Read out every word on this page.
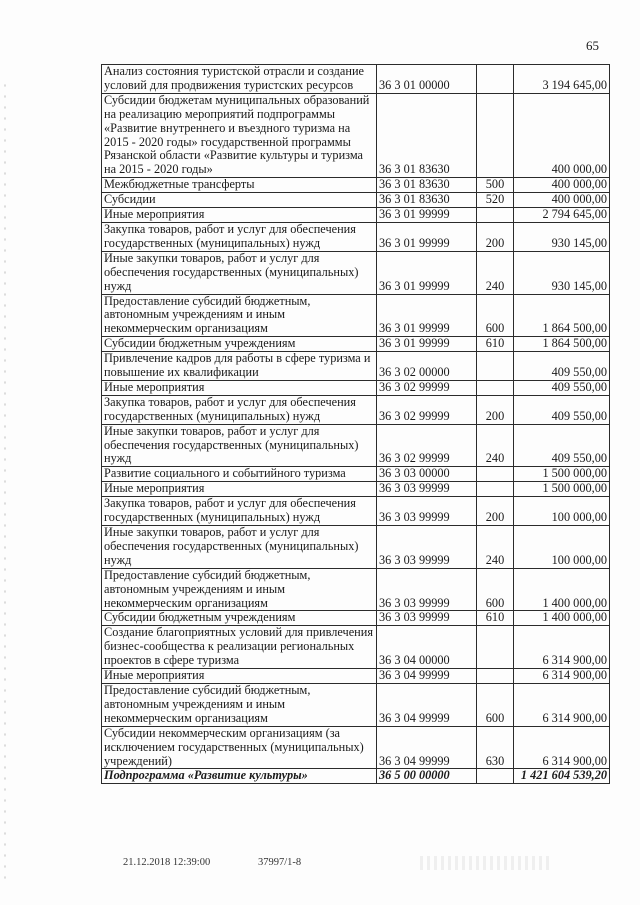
65
Анализ состояния туристской отрасли и создание условий для продвижения туристских ресурсов	36 3 01 00000		3 194 645,00
Субсидии бюджетам муниципальных образований на реализацию мероприятий подпрограммы «Развитие внутреннего и въездного туризма на 2015 - 2020 годы» государственной программы Рязанской области «Развитие культуры и туризма на 2015 - 2020 годы»	36 3 01 83630		400 000,00
Межбюджетные трансферты	36 3 01 83630	500	400 000,00
Субсидии	36 3 01 83630	520	400 000,00
Иные мероприятия	36 3 01 99999		2 794 645,00
Закупка товаров, работ и услуг для обеспечения государственных (муниципальных) нужд	36 3 01 99999	200	930 145,00
Иные закупки товаров, работ и услуг для обеспечения государственных (муниципальных) нужд	36 3 01 99999	240	930 145,00
Предоставление субсидий бюджетным, автономным учреждениям и иным некоммерческим организациям	36 3 01 99999	600	1 864 500,00
Субсидии бюджетным учреждениям	36 3 01 99999	610	1 864 500,00
Привлечение кадров для работы в сфере туризма и повышение их квалификации	36 3 02 00000		409 550,00
Иные мероприятия	36 3 02 99999		409 550,00
Закупка товаров, работ и услуг для обеспечения государственных (муниципальных) нужд	36 3 02 99999	200	409 550,00
Иные закупки товаров, работ и услуг для обеспечения государственных (муниципальных) нужд	36 3 02 99999	240	409 550,00
Развитие социального и событийного туризма	36 3 03 00000		1 500 000,00
Иные мероприятия	36 3 03 99999		1 500 000,00
Закупка товаров, работ и услуг для обеспечения государственных (муниципальных) нужд	36 3 03 99999	200	100 000,00
Иные закупки товаров, работ и услуг для обеспечения государственных (муниципальных) нужд	36 3 03 99999	240	100 000,00
Предоставление субсидий бюджетным, автономным учреждениям и иным некоммерческим организациям	36 3 03 99999	600	1 400 000,00
Субсидии бюджетным учреждениям	36 3 03 99999	610	1 400 000,00
Создание благоприятных условий для привлечения бизнес-сообщества к реализации региональных проектов в сфере туризма	36 3 04 00000		6 314 900,00
Иные мероприятия	36 3 04 99999		6 314 900,00
Предоставление субсидий бюджетным, автономным учреждениям и иным некоммерческим организациям	36 3 04 99999	600	6 314 900,00
Субсидии некоммерческим организациям (за исключением государственных (муниципальных) учреждений)	36 3 04 99999	630	6 314 900,00
Подпрограмма «Развитие культуры»	36 5 00 00000		1 421 604 539,20
21.12.2018 12:39:00	37997/1-8
